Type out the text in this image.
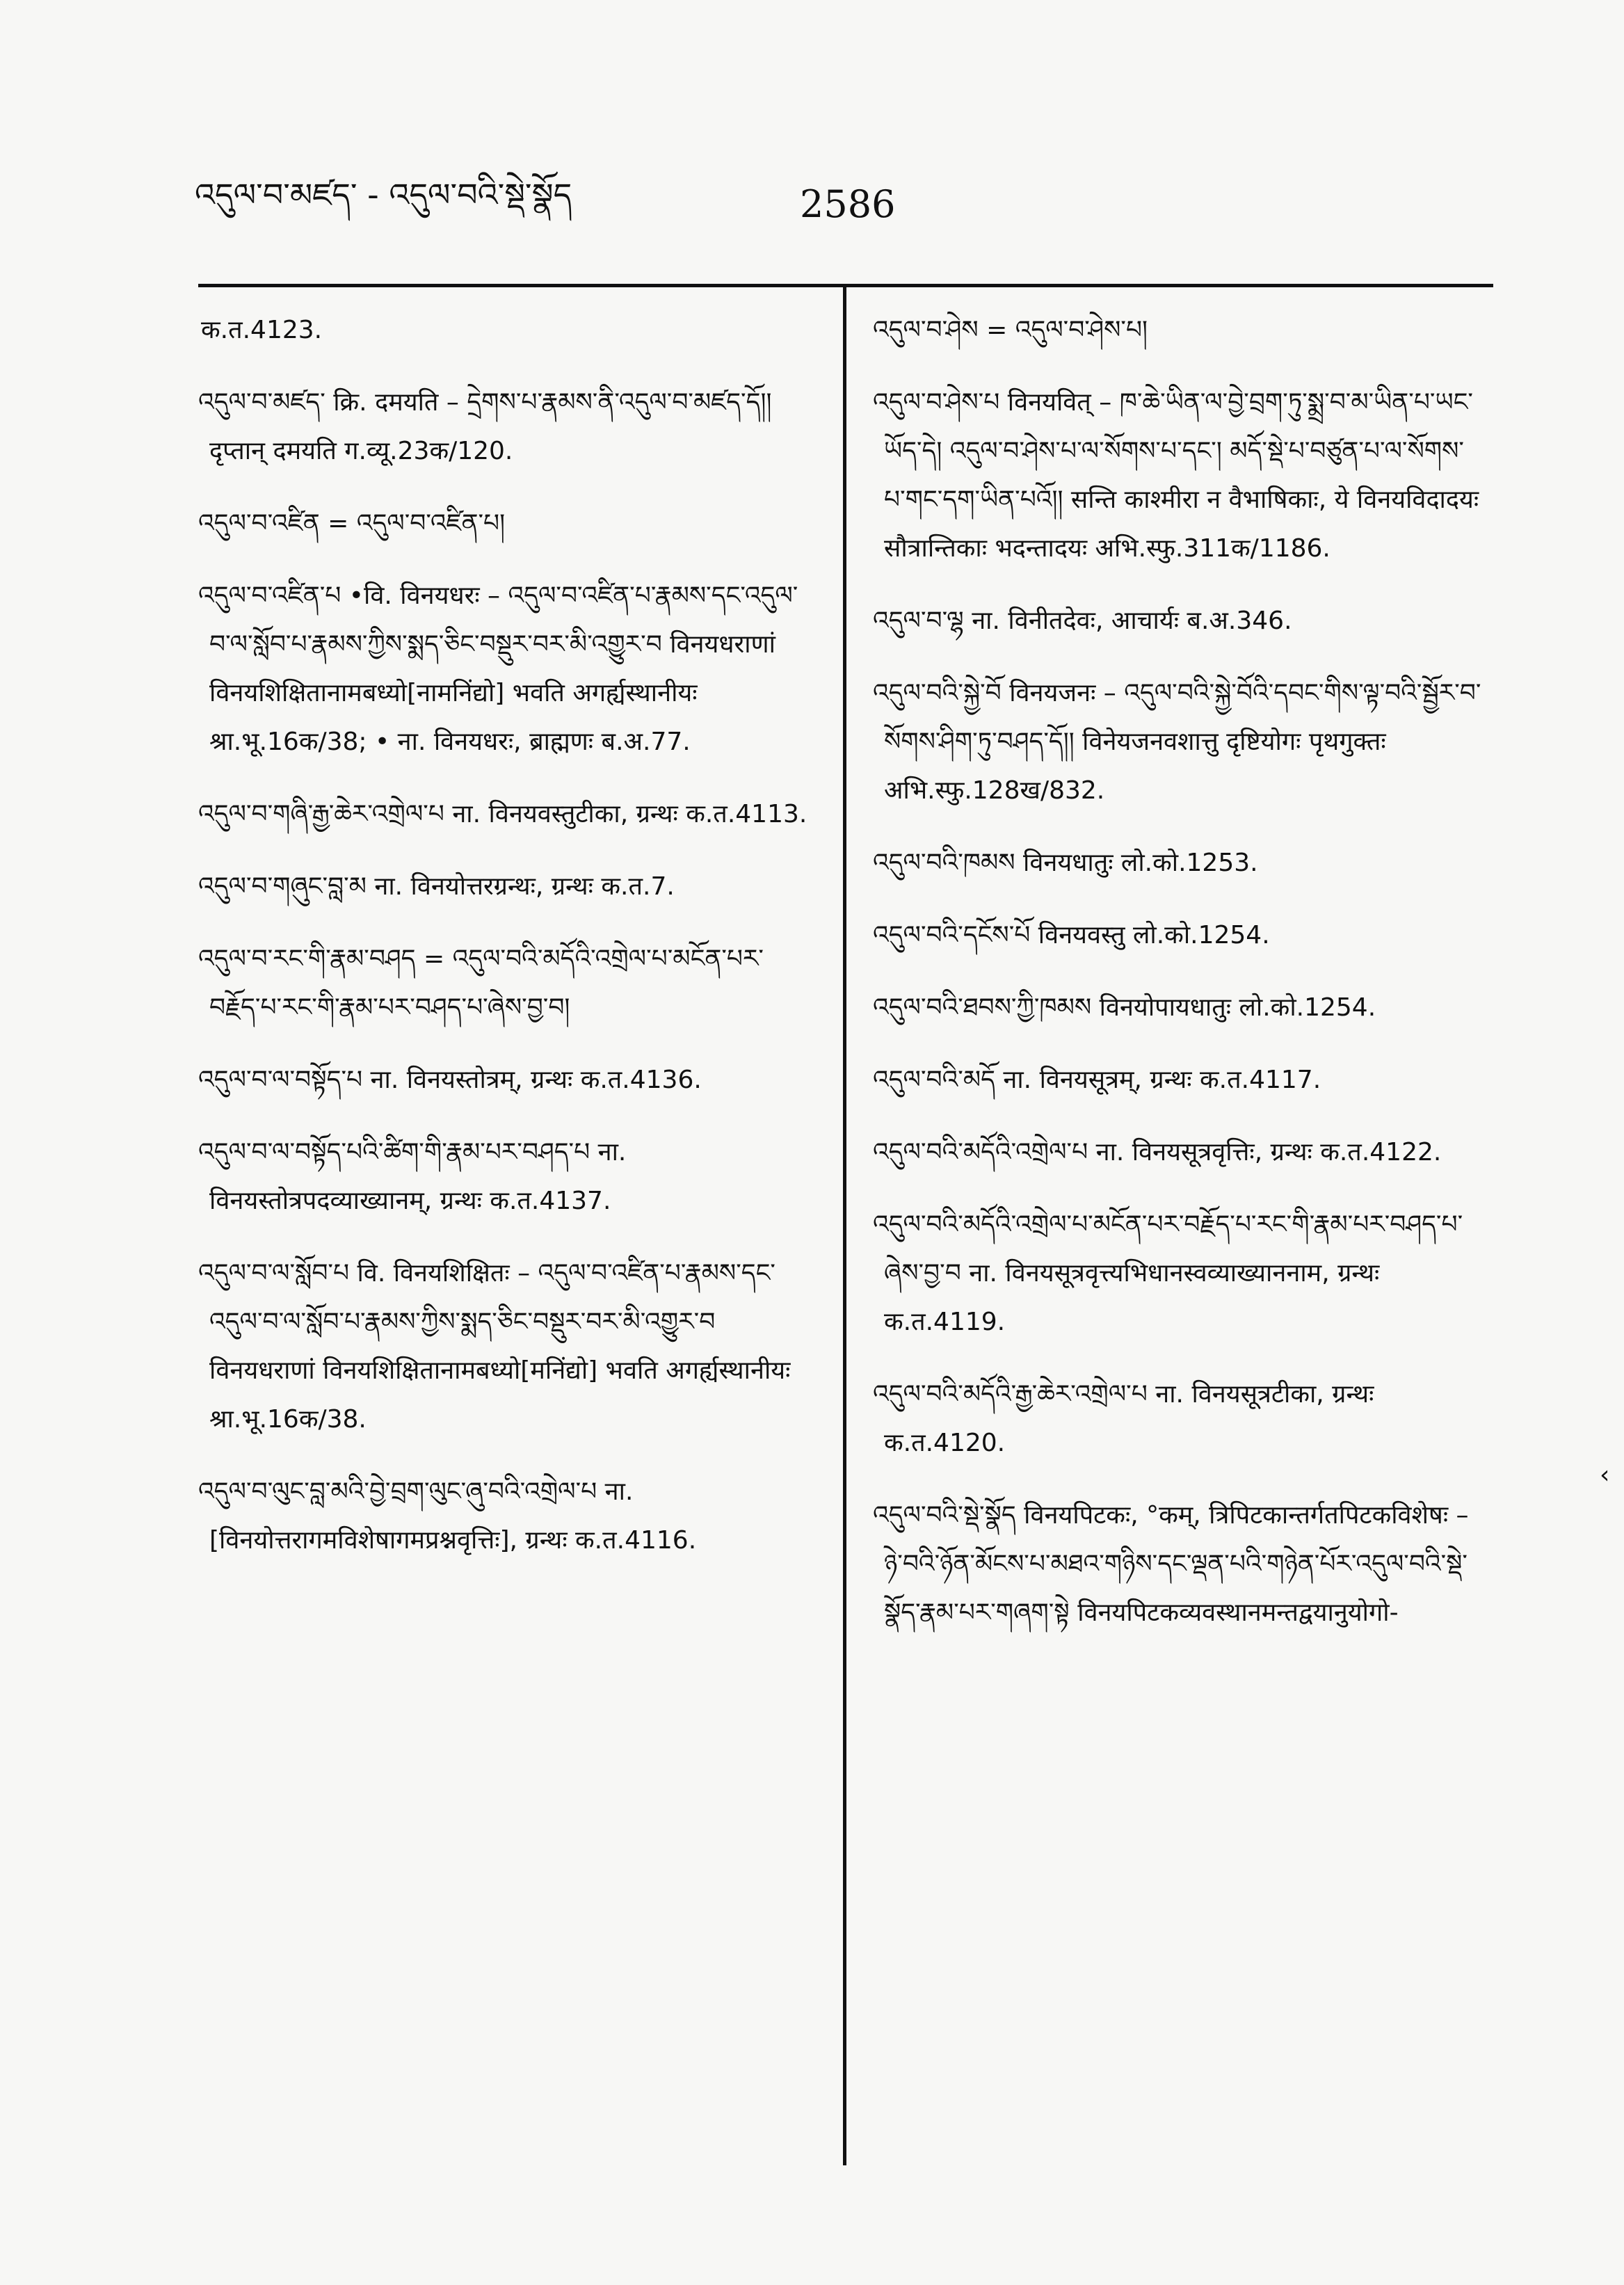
འདུལ་བ་མཛད་ - འདུལ་བའི་སྡེ་སྣོད	2586
क.त.4123.
འདུལ་བ་མཛད་ क्रि. दमयति – དྲེགས་པ་རྣམས་ནི་འདུལ་བ་མཛད་དོ།། दृप्तान् दमयति ग.व्यू.23क/120.
འདུལ་བ་འཛིན = འདུལ་བ་འཛིན་པ།
འདུལ་བ་འཛིན་པ •वि. विनयधरः – འདུལ་བ་འཛིན་པ་རྣམས་དང་འདུལ་བ་ལ་སློབ་པ་རྣམས་ཀྱིས་སྨད་ཅིང་བསྡུར་བར་མི་འགྱུར་བ विनयधराणां विनयशिक्षितानामबध्यो[नामनिंद्यो] भवति अगर्ह्यस्थानीयः श्रा.भू.16क/38; • ना. विनयधरः, ब्राह्मणः ब.अ.77.
འདུལ་བ་གཞི་རྒྱ་ཆེར་འགྲེལ་པ ना. विनयवस्तुटीका, ग्रन्थः क.त.4113.
འདུལ་བ་གཞུང་བླ་མ ना. विनयोत्तरग्रन्थः, ग्रन्थः क.त.7.
འདུལ་བ་རང་གི་རྣམ་བཤད = འདུལ་བའི་མདོའི་འགྲེལ་པ་མངོན་པར་བརྗོད་པ་རང་གི་རྣམ་པར་བཤད་པ་ཞེས་བྱ་བ།
འདུལ་བ་ལ་བསྟོད་པ ना. विनयस्तोत्रम्, ग्रन्थः क.त.4136.
འདུལ་བ་ལ་བསྟོད་པའི་ཚིག་གི་རྣམ་པར་བཤད་པ ना. विनयस्तोत्रपदव्याख्यानम्, ग्रन्थः क.त.4137.
འདུལ་བ་ལ་སློབ་པ वि. विनयशिक्षितः – འདུལ་བ་འཛིན་པ་རྣམས་དང་འདུལ་བ་ལ་སློབ་པ་རྣམས་ཀྱིས་སྨད་ཅིང་བསྡུར་བར་མི་འགྱུར་བ विनयधराणां विनयशिक्षितानामबध्यो[मनिंद्यो] भवति अगर्ह्यस्थानीयः श्रा.भू.16क/38.
འདུལ་བ་ལུང་བླ་མའི་བྱེ་བྲག་ལུང་ཞུ་བའི་འགྲེལ་པ ना. [विनयोत्तरागमविशेषागमप्रश्नवृत्तिः], ग्रन्थः क.त.4116.
འདུལ་བ་ཤེས = འདུལ་བ་ཤེས་པ།
འདུལ་བ་ཤེས་པ विनयवित् – ཁ་ཆེ་ཡིན་ལ་བྱེ་བྲག་ཏུ་སྨྲ་བ་མ་ཡིན་པ་ཡང་ཡོད་དེ། འདུལ་བ་ཤེས་པ་ལ་སོགས་པ་དང་། མདོ་སྡེ་པ་བཙུན་པ་ལ་སོགས་པ་གང་དག་ཡིན་པའོ།། सन्ति काश्मीरा न वैभाषिकाः, ये विनयविदादयः सौत्रान्तिकाः भदन्तादयः अभि.स्फु.311क/1186.
འདུལ་བ་ལྷ ना. विनीतदेवः, आचार्यः ब.अ.346.
འདུལ་བའི་སྐྱེ་བོ विनयजनः – འདུལ་བའི་སྐྱེ་བོའི་དབང་གིས་ལྟ་བའི་སྦྱོར་བ་སོགས་ཤིག་ཏུ་བཤད་དོ།། विनेयजनवशात्तु दृष्टियोगः पृथगुक्तः अभि.स्फु.128ख/832.
འདུལ་བའི་ཁམས विनयधातुः लो.को.1253.
འདུལ་བའི་དངོས་པོ विनयवस्तु लो.को.1254.
འདུལ་བའི་ཐབས་ཀྱི་ཁམས विनयोपायधातुः लो.को.1254.
འདུལ་བའི་མདོ ना. विनयसूत्रम्, ग्रन्थः क.त.4117.
འདུལ་བའི་མདོའི་འགྲེལ་པ ना. विनयसूत्रवृत्तिः, ग्रन्थः क.त.4122.
འདུལ་བའི་མདོའི་འགྲེལ་པ་མངོན་པར་བརྗོད་པ་རང་གི་རྣམ་པར་བཤད་པ་ཞེས་བྱ་བ ना. विनयसूत्रवृत्त्यभिधानस्वव्याख्याननाम, ग्रन्थः क.त.4119.
འདུལ་བའི་མདོའི་རྒྱ་ཆེར་འགྲེལ་པ ना. विनयसूत्रटीका, ग्रन्थः क.त.4120.
འདུལ་བའི་སྡེ་སྣོད विनयपिटकः, °कम्, त्रिपिटकान्तर्गतपिटकविशेषः – ཉེ་བའི་ཉོན་མོངས་པ་མཐའ་གཉིས་དང་ལྡན་པའི་གཉེན་པོར་འདུལ་བའི་སྡེ་སྣོད་རྣམ་པར་གཞག་སྟེ विनयपिटकव्यवस्थानमन्तद्वयानुयोगो-
‹
